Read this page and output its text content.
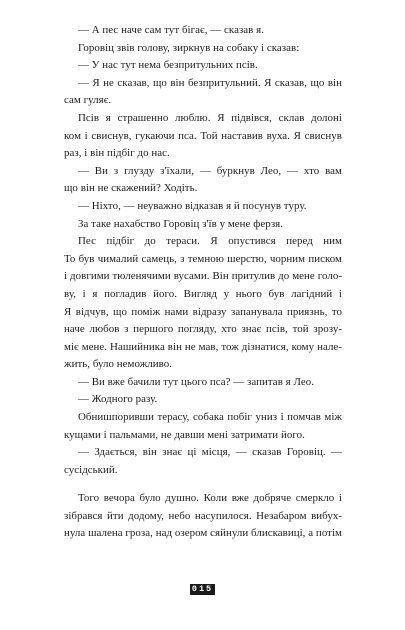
— А пес наче сам тут бігає, — сказав я.

Горовіц звів голову, зиркнув на собаку і сказав:

— У нас тут нема безпритульних псів.

— Я не сказав, що він безпритульний. Я сказав, що він
сам гуляє.

Псів я страшенно люблю. Я підвівся, склав долоні
ком і свиснув, гукаючи пса. Той наставив вуха. Я свиснув
раз, і він підбіг до нас.

— Ви з глузду з'їхали, — буркнув Лео, — хто вам
що він не скажений? Ходіть.

— Ніхто, — неуважно відказав я й посунув туру.

За таке нахабство Горовіц з'їв у мене ферзя.

Пес підбіг до тераси. Я опустився перед ним
То був чималий самець, з темною шерстю, чорним писком
і довгими тюленячими вусами. Він притулив до мене голо-
ву, і я погладив його. Вигляд у нього був лагідний і
Я відчув, що поміж нами відразу запанувала приязнь, то
наче любов з першого погляду, хто знає псів, той зрозу-
міє мене. Нашийника він не мав, тож дізнатися, кому нале-
жить, було неможливо.

— Ви вже бачили тут цього пса? — запитав я Лео.

— Жодного разу.

Обнишпоривши терасу, собака побіг униз і помчав між
кущами і пальмами, не давши мені затримати його.

— Здається, він знає ці місця, — сказав Горовіц. —
сусідський.

Того вечора було душно. Коли вже добряче смеркло і
зібрався йти додому, небо насупилося. Незабаром вибух-
нула шалена гроза, над озером сяйнули блискавиці, а потім

015
